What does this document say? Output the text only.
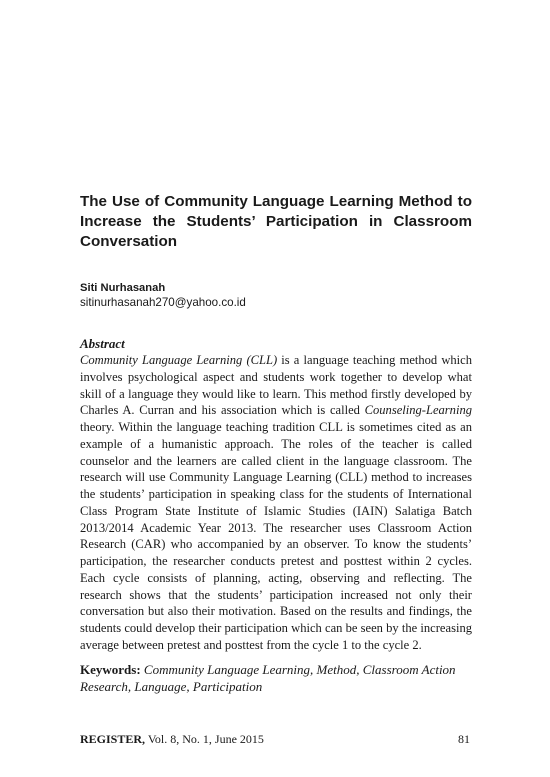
The Use of Community Language Learning Method to
Increase the Students’ Participation in Classroom
Conversation

Siti Nurhasanah

sitinurhasanah270@yahoo.co.id

Abstract

Community Language Learning (CLL) is a language teaching method which involves psychological aspect and students work together to develop what skill of a language they would like to learn. This method firstly developed by Charles A. Curran and his association which is called Counseling-Learning theory. Within the language teaching tradition CLL is sometimes cited as an example of a humanistic approach. The roles of the teacher is called counselor and the learners are called client in the language classroom. The research will use Community Language Learning (CLL) method to increases the students’ participation in speaking class for the students of International Class Program State Institute of Islamic Studies (IAIN) Salatiga Batch 2013/2014 Academic Year 2013. The researcher uses Classroom Action Research (CAR) who accompanied by an observer. To know the students’ participation, the researcher conducts pretest and posttest within 2 cycles. Each cycle consists of planning, acting, observing and reflecting. The research shows that the students’ participation increased not only their conversation but also their motivation. Based on the results and findings, the students could develop their participation which can be seen by the increasing average between pretest and posttest from the cycle 1 to the cycle 2.

Keywords: Community Language Learning, Method, Classroom Action Research, Language, Participation

REGISTER, Vol. 8, No. 1, June 2015	81
